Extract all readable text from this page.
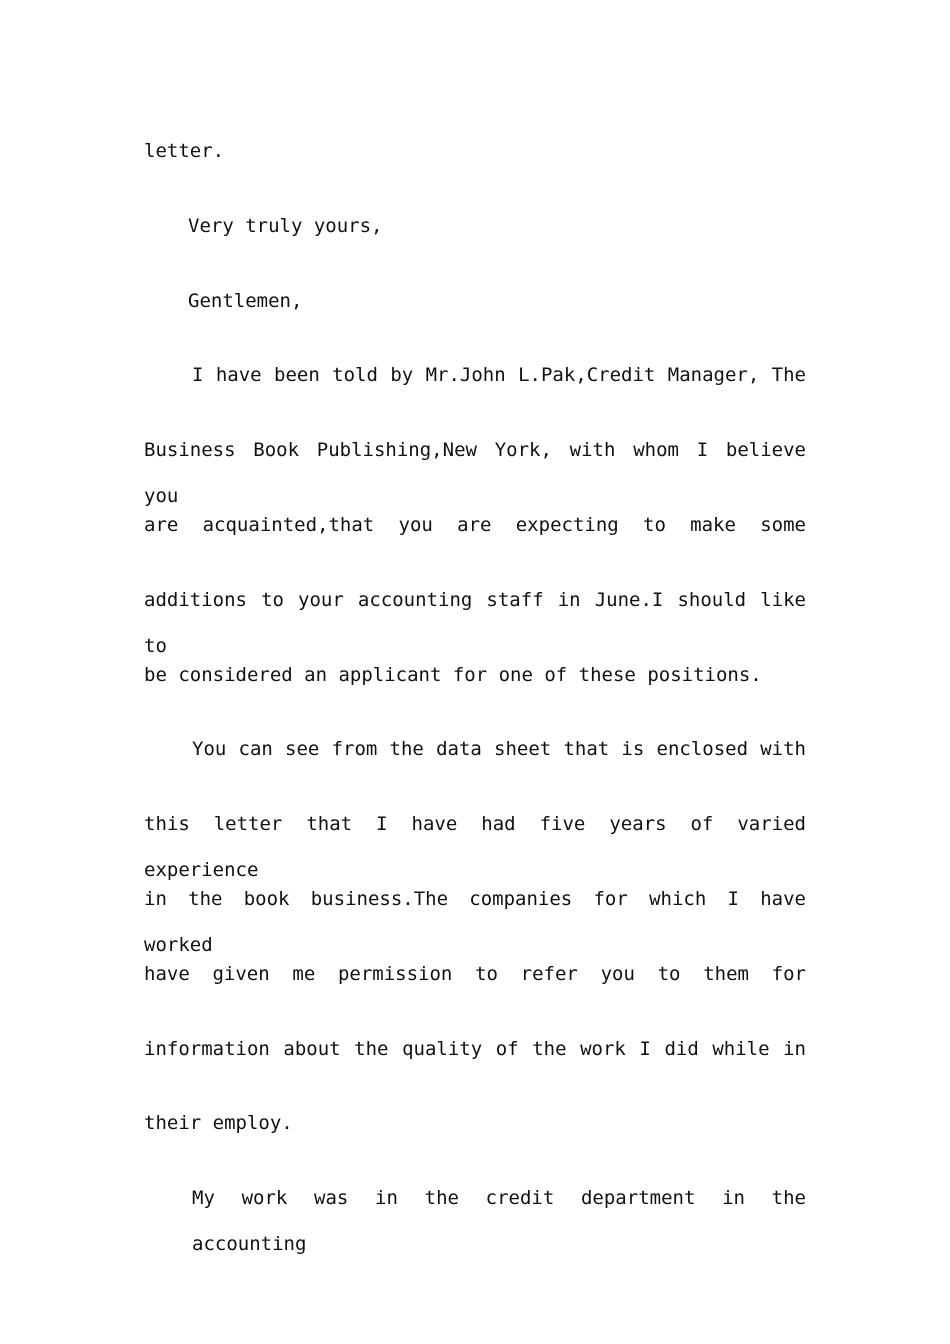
letter.
Very truly yours,
Gentlemen,
I have been told by Mr.John L.Pak,Credit Manager, The
Business Book Publishing,New York, with whom I believe you
are acquainted,that you are expecting to make some
additions to your accounting staff in June.I should like to
be considered an applicant for one of these positions.
You can see from the data sheet that is enclosed with
this letter that I have had five years of varied experience
in the book business.The companies for which I have worked
have given me permission to refer you to them for
information about the quality of the work I did while in
their employ.
My work was in the credit department in the accounting
